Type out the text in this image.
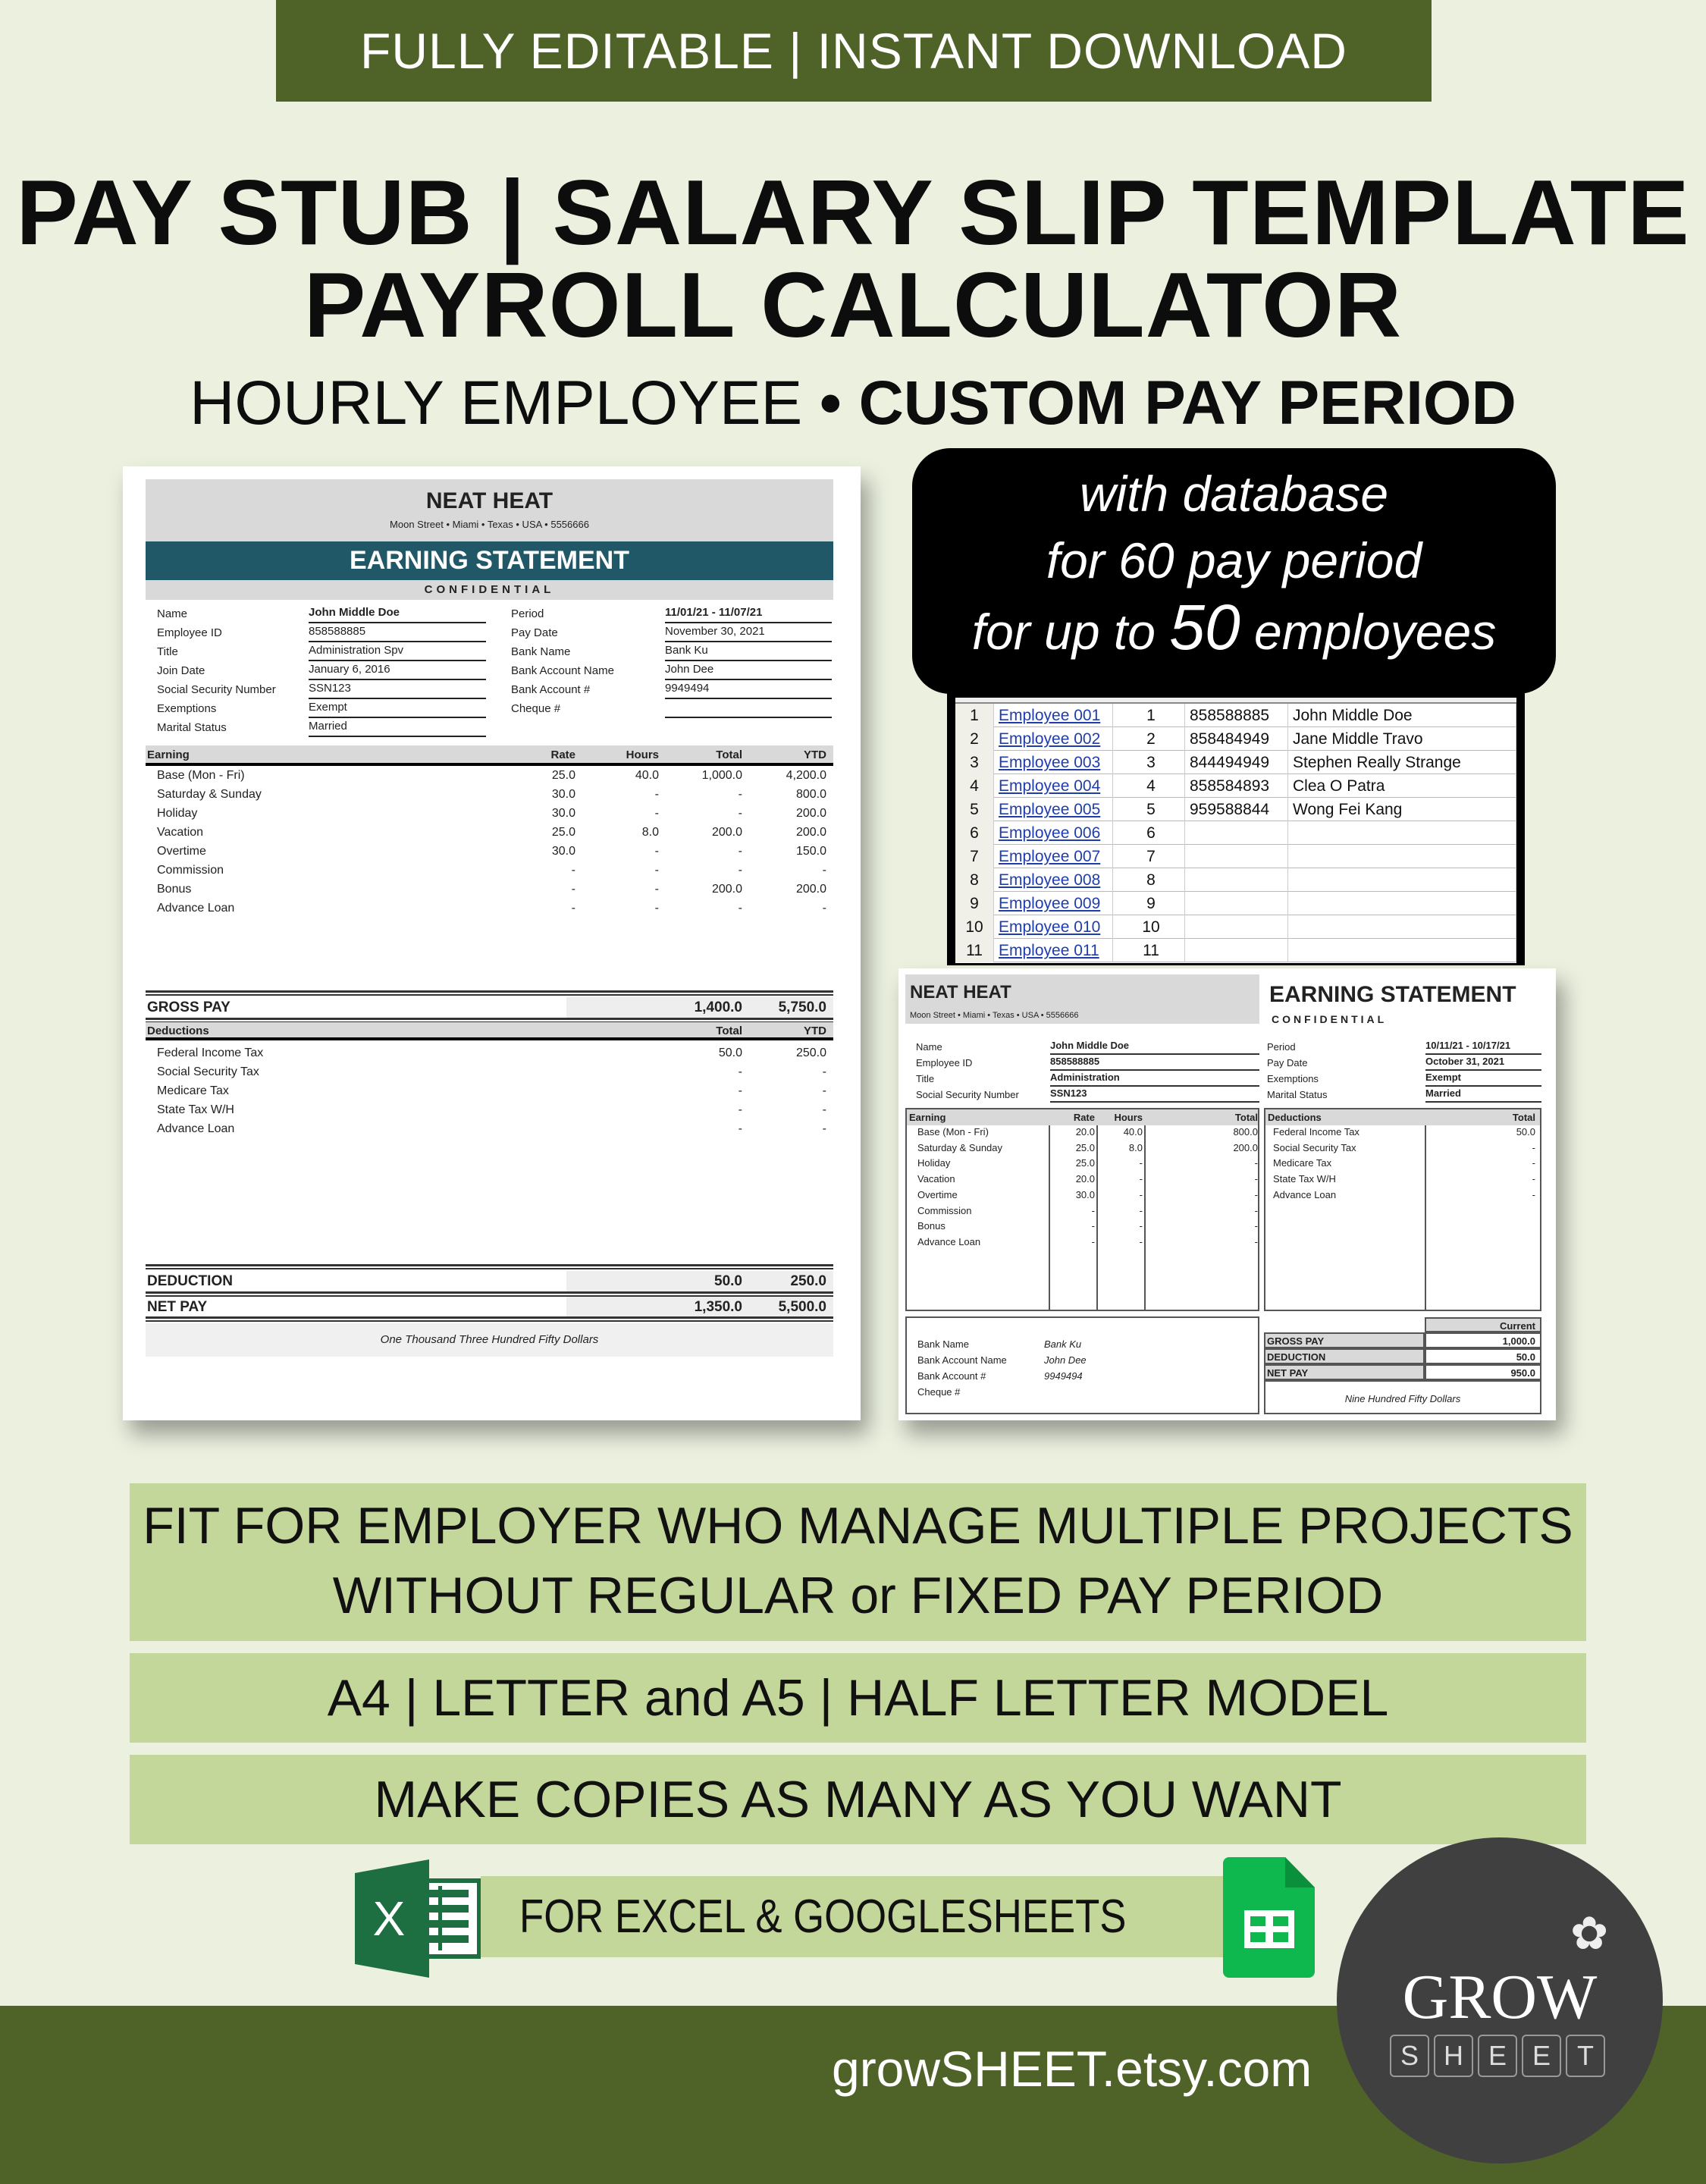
FULLY EDITABLE | INSTANT DOWNLOAD
PAY STUB | SALARY SLIP TEMPLATE
PAYROLL CALCULATOR
HOURLY EMPLOYEE • CUSTOM PAY PERIOD
NEAT HEAT
Moon Street • Miami • Texas • USA • 5556666
EARNING STATEMENT
CONFIDENTIAL
One Thousand Three Hundred Fifty Dollars
Name	John Middle Doe
Employee ID	858588885
Title	Administration Spv
Join Date	January 6, 2016
Social Security Number	SSN123
Exemptions	Exempt
Marital Status	Married
Period	11/01/21 - 11/07/21
Pay Date	November 30, 2021
Bank Name	Bank Ku
Bank Account Name	John Dee
Bank Account #	9949494
Cheque #
Earning	Rate	Hours	Total	YTD
Base (Mon - Fri)	25.0	40.0	1,000.0	4,200.0
Saturday & Sunday	30.0	-	-	800.0
Holiday	30.0	-	-	200.0
Vacation	25.0	8.0	200.0	200.0
Overtime	30.0	-	-	150.0
Commission	-	-	-	-
Bonus	-	-	200.0	200.0
Advance Loan	-	-	-	-
GROSS PAY	1,400.0	5,750.0
Deductions	Total	YTD
Federal Income Tax	50.0	250.0
Social Security Tax	-	-
Medicare Tax	-	-
State Tax W/H	-	-
Advance Loan	-	-
DEDUCTION	50.0	250.0
NET PAY	1,350.0	5,500.0
with database
for 60 pay period
for up to 50 employees
1	Employee 001	1	858588885	John Middle Doe
2	Employee 002	2	858484949	Jane Middle Travo
3	Employee 003	3	844494949	Stephen Really Strange
4	Employee 004	4	858584893	Clea O Patra
5	Employee 005	5	959588844	Wong Fei Kang
6	Employee 006	6
7	Employee 007	7
8	Employee 008	8
9	Employee 009	9
10 Employee 010	10
11	Employee 011	11
NEAT HEAT
Moon Street • Miami • Texas • USA • 5556666
EARNING STATEMENT
CONFIDENTIAL
Name	John Middle Doe
Employee ID	858588885
Title	Administration
Social Security Number	SSN123
Period	10/11/21 - 10/17/21
Pay Date	October 31, 2021
Exemptions	Exempt
Marital Status	Married
Earning	Rate	Hours	Total
Base (Mon - Fri)	20.0	40.0	800.0
Saturday & Sunday	25.0	8.0	200.0
Holiday	25.0	-	-
Vacation	20.0	-	-
Overtime	30.0	-	-
Commission	-	-	-
Bonus	-	-	-
Advance Loan	-	-	-
Deductions	Total
Federal Income Tax	50.0
Social Security Tax	-
Medicare Tax	-
State Tax W/H	-
Advance Loan	-
Bank Name	Bank Ku
Bank Account Name	John Dee
Bank Account #	9949494
Cheque #
Current
GROSS PAY	1,000.0
DEDUCTION	50.0
NET PAY	950.0
Nine Hundred Fifty Dollars
FIT FOR EMPLOYER WHO MANAGE MULTIPLE PROJECTS
WITHOUT REGULAR or FIXED PAY PERIOD
A4 | LETTER and A5 | HALF LETTER MODEL
MAKE COPIES AS MANY AS YOU WANT
FOR EXCEL & GOOGLESHEETS
X
growSHEET.etsy.com
✿
GROW
S H E E T
